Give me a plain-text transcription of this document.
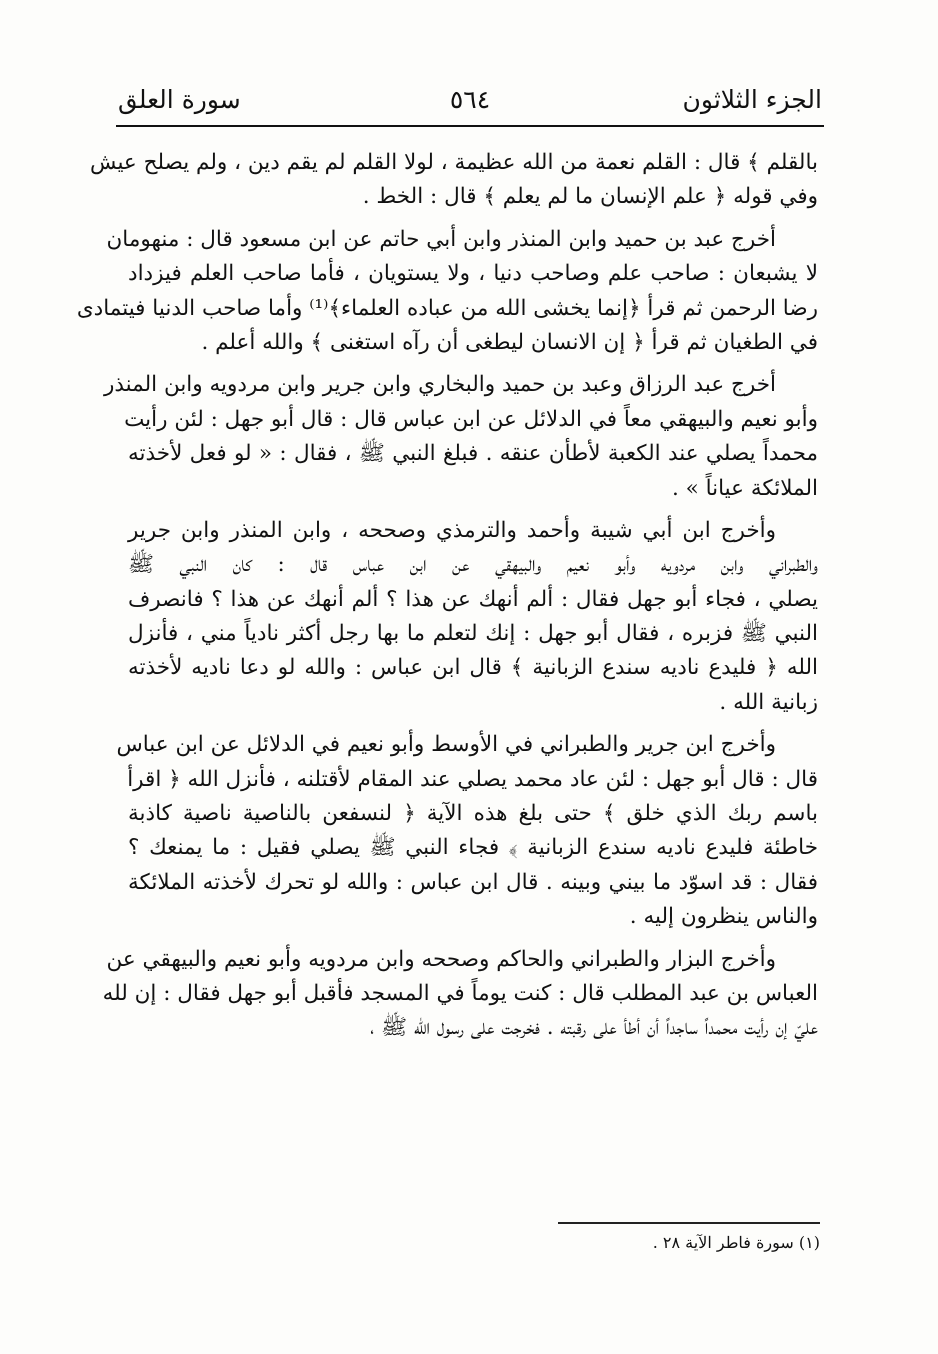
الجزء الثلاثون
٥٦٤
سورة العلق
بالقلم ﴾ قال : القلم نعمة من الله عظيمة ، لولا القلم لم يقم دين ، ولم يصلح عيش
وفي قوله ﴿ علم الإنسان ما لم يعلم ﴾ قال : الخط .
أخرج عبد بن حميد وابن المنذر وابن أبي حاتم عن ابن مسعود قال : منهومان
لا يشبعان : صاحب علم وصاحب دنيا ، ولا يستويان ، فأما صاحب العلم فيزداد
رضا الرحمن ثم قرأ ﴿إنما يخشى الله من عباده العلماء﴾⁽¹⁾ وأما صاحب الدنيا فيتمادى
في الطغيان ثم قرأ ﴿ إن الانسان ليطغى أن رآه استغنى ﴾ والله أعلم .
أخرج عبد الرزاق وعبد بن حميد والبخاري وابن جرير وابن مردويه وابن المنذر
وأبو نعيم والبيهقي معاً في الدلائل عن ابن عباس قال : قال أبو جهل : لئن رأيت
محمداً يصلي عند الكعبة لأطأن عنقه . فبلغ النبي ﷺ ، فقال : « لو فعل لأخذته
الملائكة عياناً » .
وأخرج ابن أبي شيبة وأحمد والترمذي وصححه ، وابن المنذر وابن جرير
والطبراني وابن مردويه وأبو نعيم والبيهقي عن ابن عباس قال : كان النبي ﷺ
يصلي ، فجاء أبو جهل فقال : ألم أنهك عن هذا ؟ ألم أنهك عن هذا ؟ فانصرف
النبي ﷺ فزبره ، فقال أبو جهل : إنك لتعلم ما بها رجل أكثر نادياً مني ، فأنزل
الله ﴿ فليدع ناديه سندع الزبانية ﴾ قال ابن عباس : والله لو دعا ناديه لأخذته
زبانية الله .
وأخرج ابن جرير والطبراني في الأوسط وأبو نعيم في الدلائل عن ابن عباس
قال : قال أبو جهل : لئن عاد محمد يصلي عند المقام لأقتلنه ، فأنزل الله ﴿ اقرأ
باسم ربك الذي خلق ﴾ حتى بلغ هذه الآية ﴿ لنسفعن بالناصية ناصية كاذبة
خاطئة فليدع ناديه سندع الزبانية ﴾ فجاء النبي ﷺ يصلي فقيل : ما يمنعك ؟
فقال : قد اسوّد ما بيني وبينه . قال ابن عباس : والله لو تحرك لأخذته الملائكة
والناس ينظرون إليه .
وأخرج البزار والطبراني والحاكم وصححه وابن مردويه وأبو نعيم والبيهقي عن
العباس بن عبد المطلب قال : كنت يوماً في المسجد فأقبل أبو جهل فقال : إن لله
عليّ إن رأيت محمداً ساجداً أن أطأ على رقبته . فخرجت على رسول الله ﷺ ،
(١) سورة فاطر الآية ٢٨ .
